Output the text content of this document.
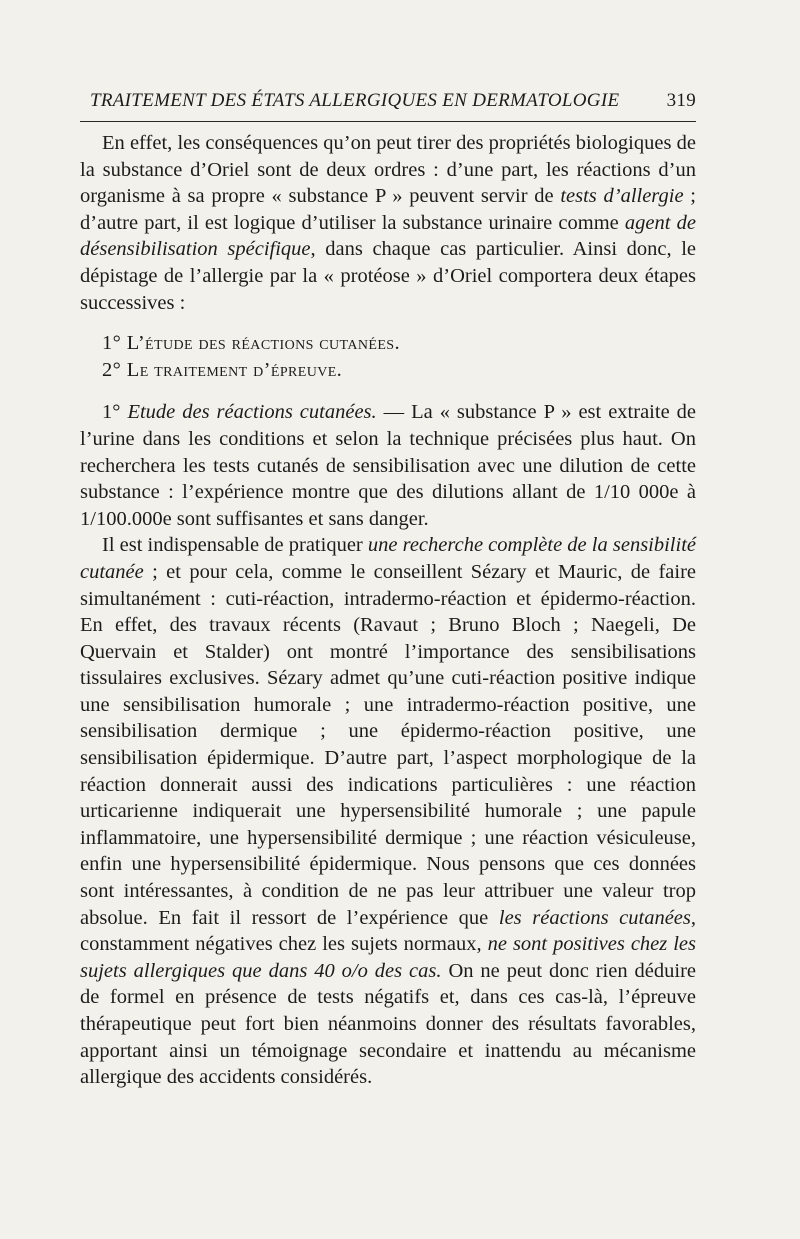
TRAITEMENT DES ÉTATS ALLERGIQUES EN DERMATOLOGIE 319

En effet, les conséquences qu’on peut tirer des propriétés biologiques de la substance d’Oriel sont de deux ordres : d’une part, les réactions d’un organisme à sa propre « substance P » peuvent servir de tests d’allergie ; d’autre part, il est logique d’utiliser la substance urinaire comme agent de désensibilisation spécifique, dans chaque cas particulier. Ainsi donc, le dépistage de l’allergie par la « protéose » d’Oriel comportera deux étapes successives :

1° L’étude des réactions cutanées.

2° Le traitement d’épreuve.

1° Etude des réactions cutanées. — La « substance P » est extraite de l’urine dans les conditions et selon la technique précisées plus haut. On recherchera les tests cutanés de sensibilisation avec une dilution de cette substance : l’expérience montre que des dilutions allant de 1/10 000e à 1/100.000e sont suffisantes et sans danger.

Il est indispensable de pratiquer une recherche complète de la sensibilité cutanée ; et pour cela, comme le conseillent Sézary et Mauric, de faire simultanément : cuti-réaction, intradermo-réaction et épidermo-réaction. En effet, des travaux récents (Ravaut ; Bruno Bloch ; Naegeli, De Quervain et Stalder) ont montré l’importance des sensibilisations tissulaires exclusives. Sézary admet qu’une cuti-réaction positive indique une sensibilisation humorale ; une intradermo-réaction positive, une sensibilisation dermique ; une épidermo-réaction positive, une sensibilisation épidermique. D’autre part, l’aspect morphologique de la réaction donnerait aussi des indications particulières : une réaction urticarienne indiquerait une hypersensibilité humorale ; une papule inflammatoire, une hypersensibilité dermique ; une réaction vésiculeuse, enfin une hypersensibilité épidermique. Nous pensons que ces données sont intéressantes, à condition de ne pas leur attribuer une valeur trop absolue. En fait il ressort de l’expérience que les réactions cutanées, constamment négatives chez les sujets normaux, ne sont positives chez les sujets allergiques que dans 40 o/o des cas. On ne peut donc rien déduire de formel en présence de tests négatifs et, dans ces cas-là, l’épreuve thérapeutique peut fort bien néanmoins donner des résultats favorables, apportant ainsi un témoignage secondaire et inattendu au mécanisme allergique des accidents considérés.
